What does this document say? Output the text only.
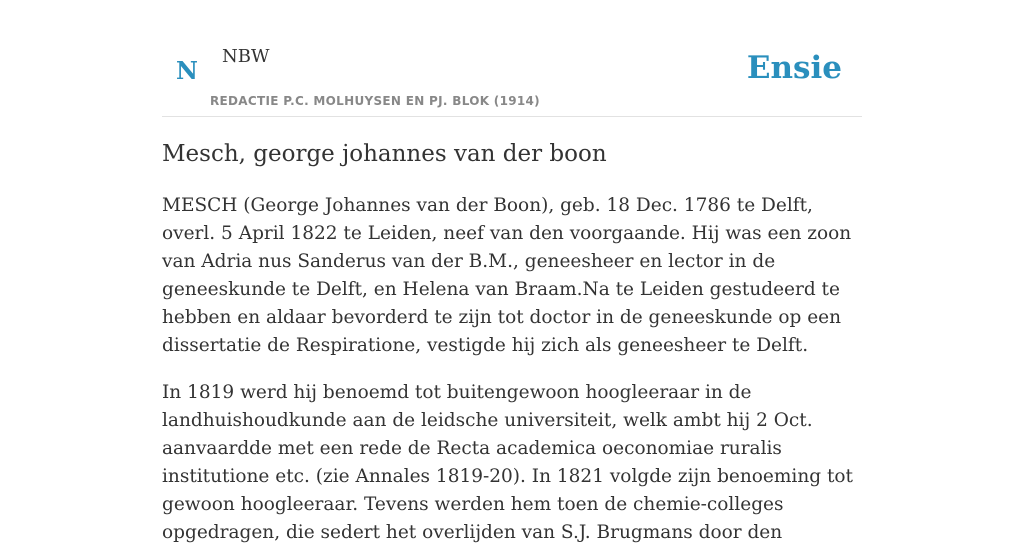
N NBW
REDACTIE P.C. MOLHUYSEN EN PJ. BLOK (1914)
Ensie
Mesch, george johannes van der boon

MESCH (George Johannes van der Boon), geb. 18 Dec. 1786 te Delft, overl. 5 April 1822 te Leiden, neef van den voorgaande. Hij was een zoon van Adria nus Sanderus van der B.M., geneesheer en lector in de geneeskunde te Delft, en Helena van Braam.Na te Leiden gestudeerd te hebben en aldaar bevorderd te zijn tot doctor in de geneeskunde op een dissertatie de Respiratione, vestigde hij zich als geneesheer te Delft.

In 1819 werd hij benoemd tot buitengewoon hoogleeraar in de landhuishoudkunde aan de leidsche universiteit, welk ambt hij 2 Oct. aanvaardde met een rede de Recta academica oeconomiae ruralis institutione etc. (zie Annales 1819-20). In 1821 volgde zijn benoeming tot gewoon hoogleeraar. Tevens werden hem toen de chemie-colleges opgedragen, die sedert het overlijden van S.J. Brugmans door den
